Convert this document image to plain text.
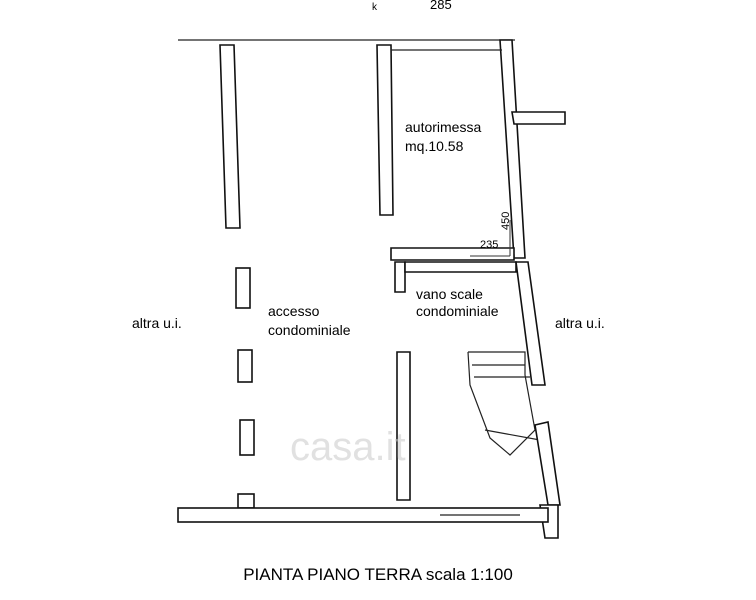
k	285
autorimessa
mq.10.58
235
450
accesso
condominiale
vano scale
condominiale
altra u.i.	altra u.i.
casa.it
PIANTA PIANO TERRA scala 1:100
